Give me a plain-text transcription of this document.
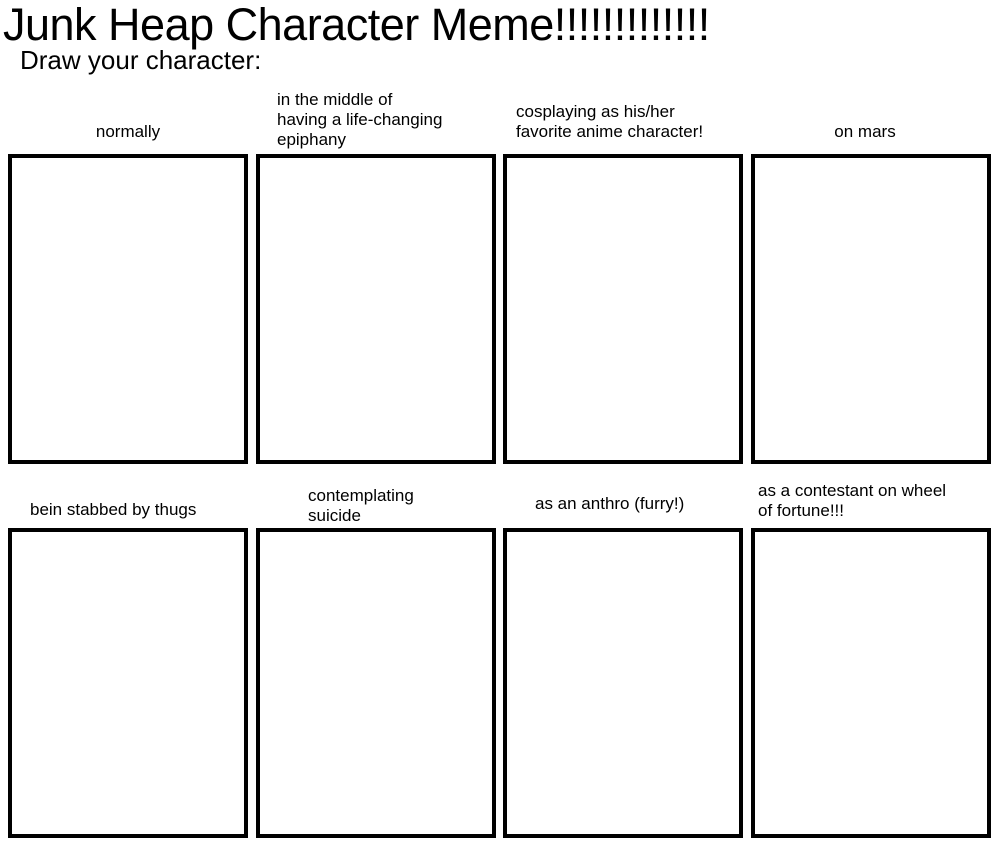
Junk Heap Character Meme!!!!!!!!!!!!!
Draw your character:
normally
in the middle of
having a life-changing
epiphany
cosplaying as his/her
favorite anime character!	on mars
bein stabbed by thugs
contemplating
suicide
as an anthro (furry!)
as a contestant on wheel
of fortune!!!
